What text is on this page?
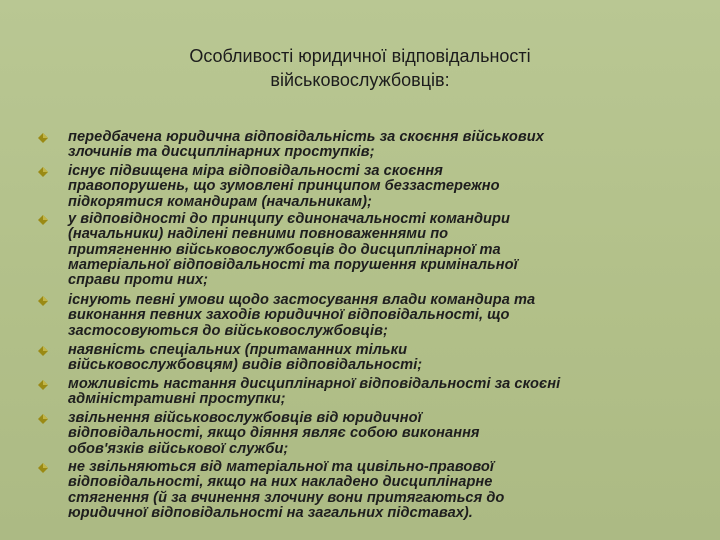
Особливості юридичної відповідальності
військовослужбовців:
передбачена юридична відповідальність за скоєння військових
злочинів та дисциплінарних проступків;
існує підвищена міра відповідальності за скоєння
правопорушень, що зумовлені принципом беззастережно
підкорятися командирам (начальникам);
у відповідності до принципу єдиноначальності командири
(начальники) наділені певними повноваженнями по
притягненню військовослужбовців до дисциплінарної та
матеріальної відповідальності та порушення кримінальної
справи проти них;
існують певні умови щодо застосування влади командира та
виконання певних заходів юридичної відповідальності, що
застосовуються до військовослужбовців;
наявність спеціальних (притаманних тільки
військовослужбовцям) видів відповідальності;
можливість настання дисциплінарної відповідальності за скоєні
адміністративні проступки;
звільнення військовослужбовців від юридичної
відповідальності, якщо діяння являє собою виконання
обов'язків військової служби;
не звільняються від матеріальної та цивільно-правової
відповідальності, якщо на них накладено дисциплінарне
стягнення (й за вчинення злочину вони притягаються до
юридичної відповідальності на загальних підставах).
